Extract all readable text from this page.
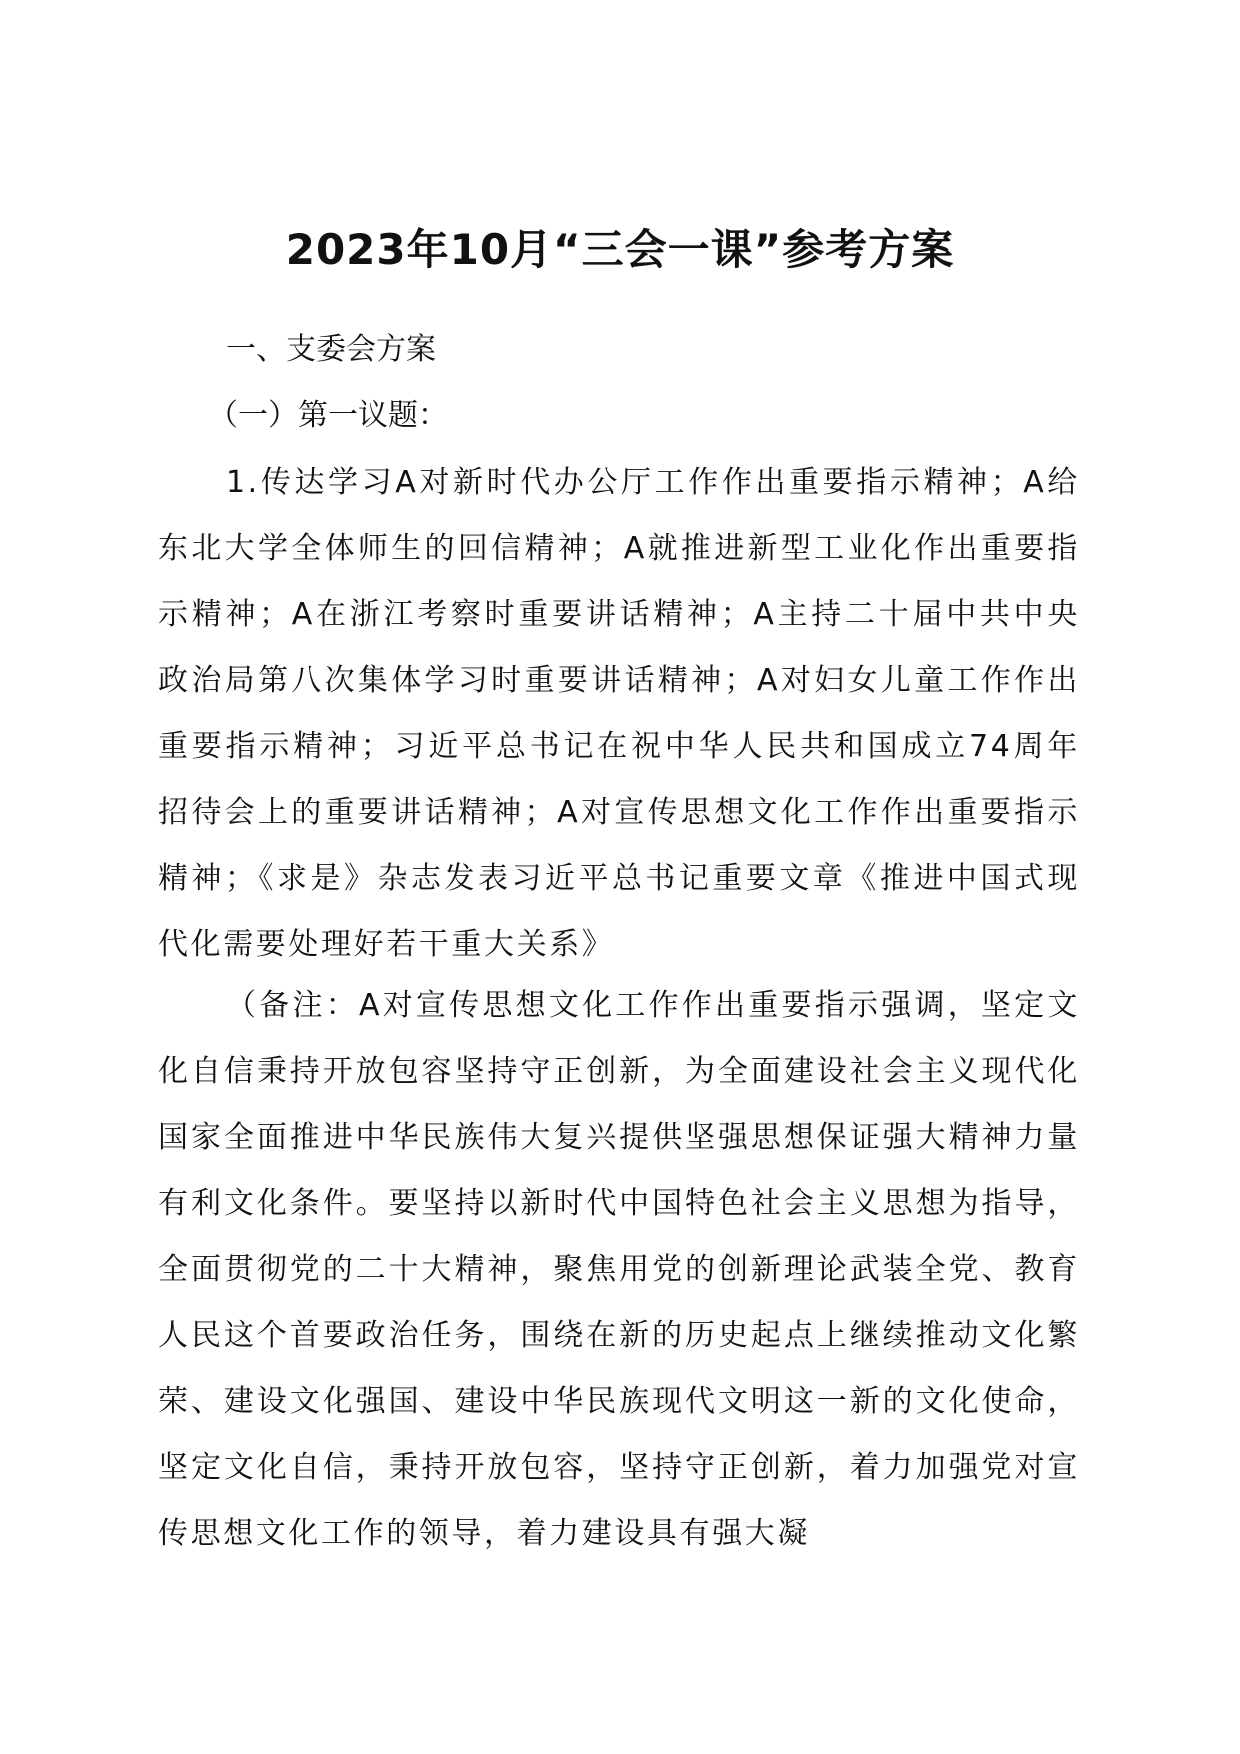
2023年10月“三会一课”参考方案

一、支委会方案

（一）第一议题：

1.传达学习A对新时代办公厅工作作出重要指示精神；A给东北大学全体师生的回信精神；A就推进新型工业化作出重要指示精神；A在浙江考察时重要讲话精神；A主持二十届中共中央政治局第八次集体学习时重要讲话精神；A对妇女儿童工作作出重要指示精神；习近平总书记在祝中华人民共和国成立74周年招待会上的重要讲话精神；A对宣传思想文化工作作出重要指示精神；《求是》杂志发表习近平总书记重要文章《推进中国式现代化需要处理好若干重大关系》

（备注：A对宣传思想文化工作作出重要指示强调，坚定文化自信秉持开放包容坚持守正创新，为全面建设社会主义现代化国家全面推进中华民族伟大复兴提供坚强思想保证强大精神力量有利文化条件。要坚持以新时代中国特色社会主义思想为指导，全面贯彻党的二十大精神，聚焦用党的创新理论武装全党、教育人民这个首要政治任务，围绕在新的历史起点上继续推动文化繁荣、建设文化强国、建设中华民族现代文明这一新的文化使命，坚定文化自信，秉持开放包容，坚持守正创新，着力加强党对宣传思想文化工作的领导，着力建设具有强大凝
